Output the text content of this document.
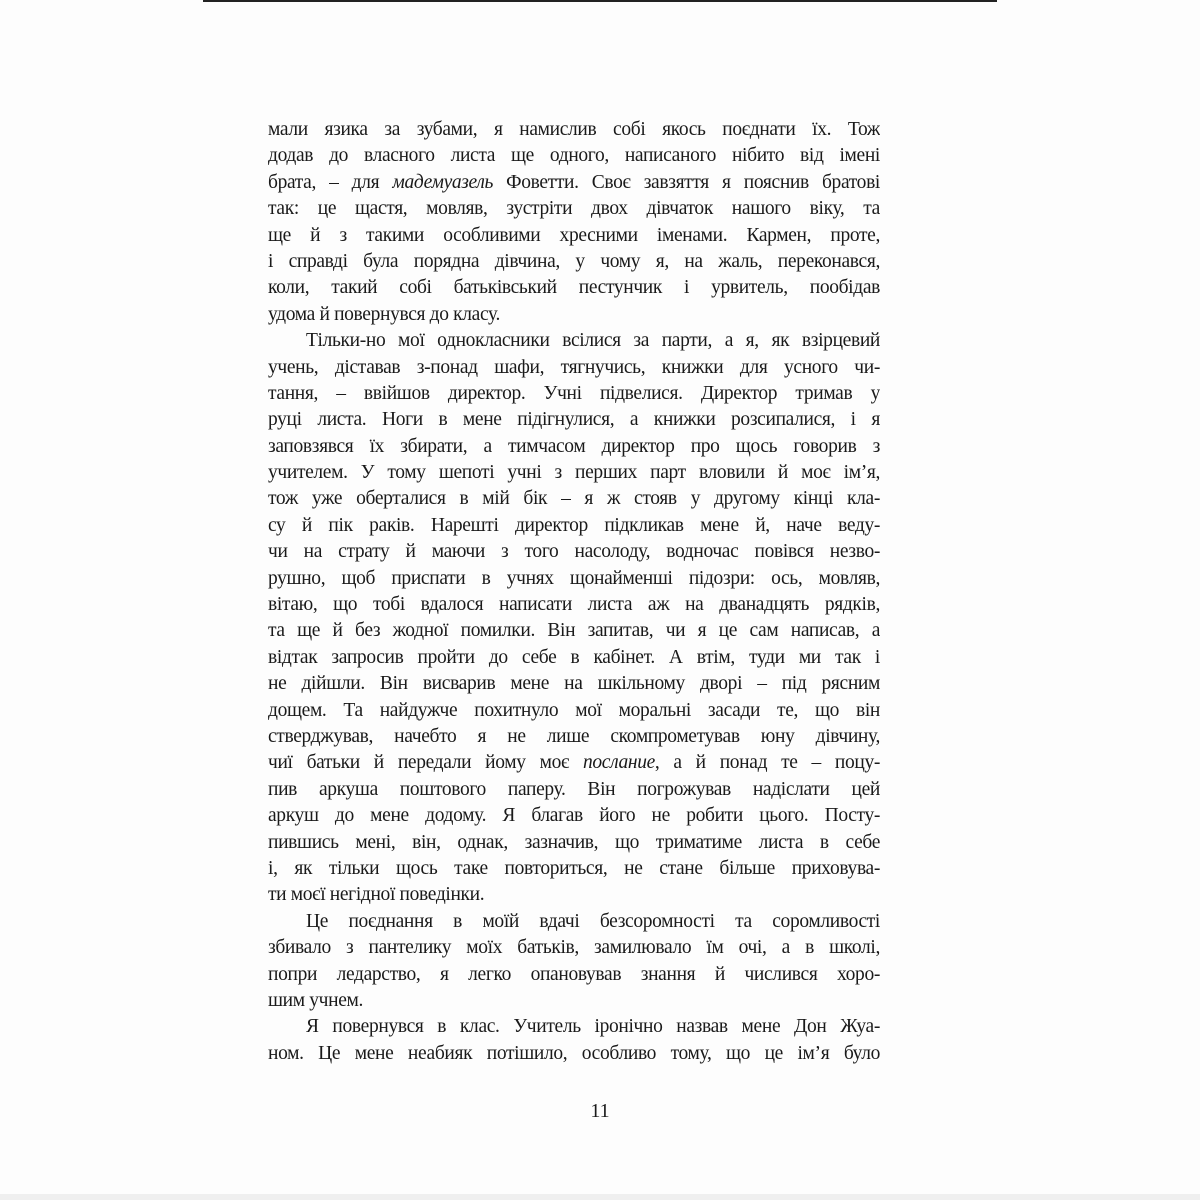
мали язика за зубами, я намислив собі якось поєднати їх. Тож
додав до власного листа ще одного, написаного нібито від імені
брата, – для мадемуазель Фоветти. Своє завзяття я пояснив братові
так: це щастя, мовляв, зустріти двох дівчаток нашого віку, та
ще й з такими особливими хресними іменами. Кармен, проте,
і справді була порядна дівчина, у чому я, на жаль, переконався,
коли, такий собі батьківський пестунчик і урвитель, пообідав
удома й повернувся до класу.
Тільки-но мої однокласники всілися за парти, а я, як взірцевий
учень, діставав з-понад шафи, тягнучись, книжки для усного чи-
тання, – ввійшов директор. Учні підвелися. Директор тримав у
руці листа. Ноги в мене підігнулися, а книжки розсипалися, і я
заповзявся їх збирати, а тимчасом директор про щось говорив з
учителем. У тому шепоті учні з перших парт вловили й моє ім’я,
тож уже оберталися в мій бік – я ж стояв у другому кінці кла-
су й пік раків. Нарешті директор підкликав мене й, наче веду-
чи на страту й маючи з того насолоду, водночас повівся незво-
рушно, щоб приспати в учнях щонайменші підозри: ось, мовляв,
вітаю, що тобі вдалося написати листа аж на дванадцять рядків,
та ще й без жодної помилки. Він запитав, чи я це сам написав, а
відтак запросив пройти до себе в кабінет. А втім, туди ми так і
не дійшли. Він висварив мене на шкільному дворі – під рясним
дощем. Та найдужче похитнуло мої моральні засади те, що він
стверджував, начебто я не лише скомпрометував юну дівчину,
чиї батьки й передали йому моє послание, а й понад те – поцу-
пив аркуша поштового паперу. Він погрожував надіслати цей
аркуш до мене додому. Я благав його не робити цього. Посту-
пившись мені, він, однак, зазначив, що триматиме листа в себе
і, як тільки щось таке повториться, не стане більше приховува-
ти моєї негідної поведінки.
Це поєднання в моїй вдачі безсоромності та соромливості
збивало з пантелику моїх батьків, замилювало їм очі, а в школі,
попри ледарство, я легко опановував знання й числився хоро-
шим учнем.
Я повернувся в клас. Учитель іронічно назвав мене Дон Жуа-
ном. Це мене неабияк потішило, особливо тому, що це ім’я було
11
